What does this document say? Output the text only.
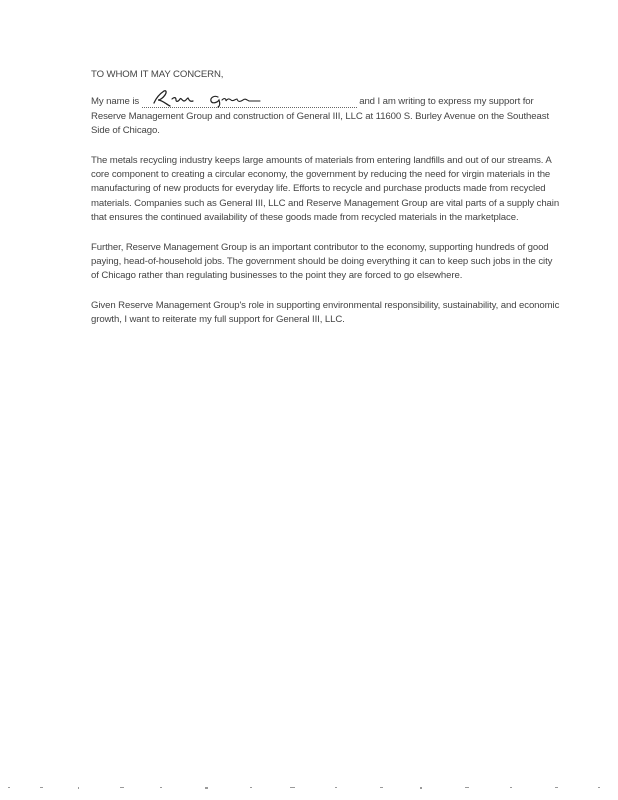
TO WHOM IT MAY CONCERN,
My name is	and I am writing to express my support for Reserve Management Group and construction of General III, LLC at 11600 S. Burley Avenue on the Southeast Side of Chicago.

The metals recycling industry keeps large amounts of materials from entering landfills and out of our streams. A core component to creating a circular economy, the government by reducing the need for virgin materials in the manufacturing of new products for everyday life. Efforts to recycle and purchase products made from recycled materials. Companies such as General III, LLC and Reserve Management Group are vital parts of a supply chain that ensures the continued availability of these goods made from recycled materials in the marketplace.

Further, Reserve Management Group is an important contributor to the economy, supporting hundreds of good paying, head-of-household jobs. The government should be doing everything it can to keep such jobs in the city of Chicago rather than regulating businesses to the point they are forced to go elsewhere.

Given Reserve Management Group's role in supporting environmental responsibility, sustainability, and economic growth, I want to reiterate my full support for General III, LLC.
